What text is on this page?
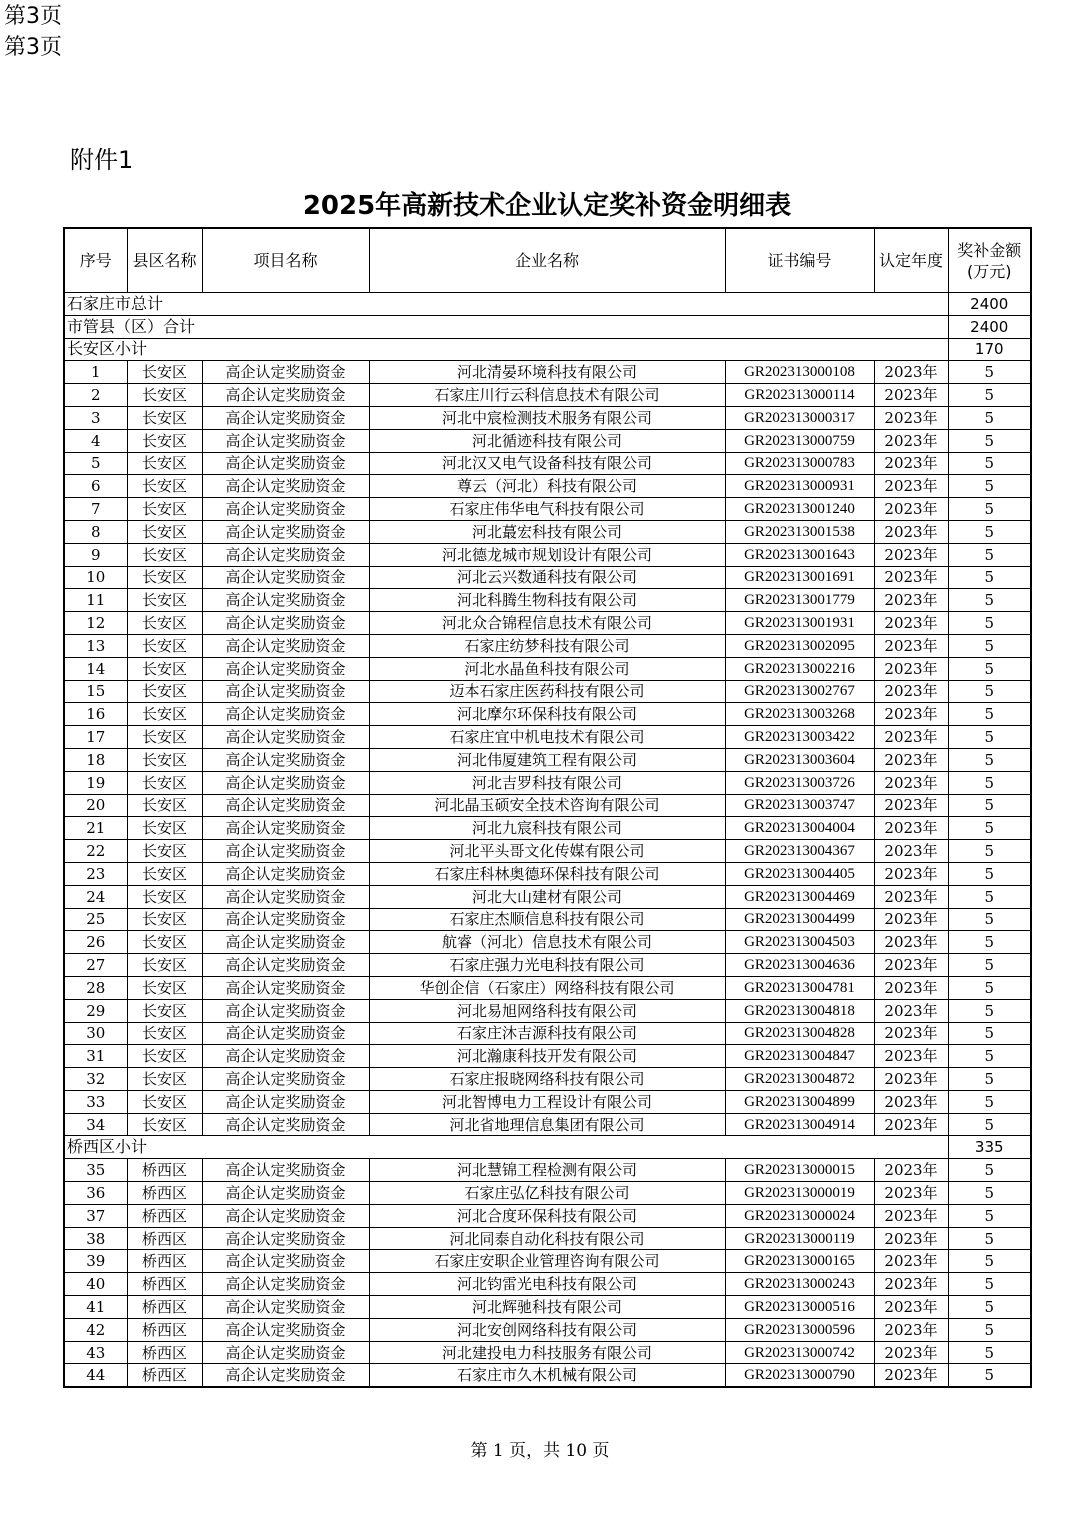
第3页
第3页
附件1
2025年高新技术企业认定奖补资金明细表
序号	县区名称	项目名称	企业名称	证书编号	认定年度	奖补金额
(万元)

石家庄市总计						2400
市管县（区）合计						2400
长安区小计						170
1	长安区	高企认定奖励资金	河北清晏环境科技有限公司	GR202313000108	2023年	5
2	长安区	高企认定奖励资金	石家庄川行云科信息技术有限公司	GR202313000114	2023年	5
3	长安区	高企认定奖励资金	河北中宸检测技术服务有限公司	GR202313000317	2023年	5
4	长安区	高企认定奖励资金	河北循迹科技有限公司	GR202313000759	2023年	5
5	长安区	高企认定奖励资金	河北汉又电气设备科技有限公司	GR202313000783	2023年	5
6	长安区	高企认定奖励资金	尊云（河北）科技有限公司	GR202313000931	2023年	5
7	长安区	高企认定奖励资金	石家庄伟华电气科技有限公司	GR202313001240	2023年	5
8	长安区	高企认定奖励资金	河北蕞宏科技有限公司	GR202313001538	2023年	5
9	长安区	高企认定奖励资金	河北德龙城市规划设计有限公司	GR202313001643	2023年	5
10	长安区	高企认定奖励资金	河北云兴数通科技有限公司	GR202313001691	2023年	5
11	长安区	高企认定奖励资金	河北科腾生物科技有限公司	GR202313001779	2023年	5
12	长安区	高企认定奖励资金	河北众合锦程信息技术有限公司	GR202313001931	2023年	5
13	长安区	高企认定奖励资金	石家庄纺梦科技有限公司	GR202313002095	2023年	5
14	长安区	高企认定奖励资金	河北水晶鱼科技有限公司	GR202313002216	2023年	5
15	长安区	高企认定奖励资金	迈本石家庄医药科技有限公司	GR202313002767	2023年	5
16	长安区	高企认定奖励资金	河北摩尔环保科技有限公司	GR202313003268	2023年	5
17	长安区	高企认定奖励资金	石家庄宜中机电技术有限公司	GR202313003422	2023年	5
18	长安区	高企认定奖励资金	河北伟厦建筑工程有限公司	GR202313003604	2023年	5
19	长安区	高企认定奖励资金	河北吉罗科技有限公司	GR202313003726	2023年	5
20	长安区	高企认定奖励资金	河北晶玉硕安全技术咨询有限公司	GR202313003747	2023年	5
21	长安区	高企认定奖励资金	河北九宸科技有限公司	GR202313004004	2023年	5
22	长安区	高企认定奖励资金	河北平头哥文化传媒有限公司	GR202313004367	2023年	5
23	长安区	高企认定奖励资金	石家庄科林奥德环保科技有限公司	GR202313004405	2023年	5
24	长安区	高企认定奖励资金	河北大山建材有限公司	GR202313004469	2023年	5
25	长安区	高企认定奖励资金	石家庄杰顺信息科技有限公司	GR202313004499	2023年	5
26	长安区	高企认定奖励资金	航睿（河北）信息技术有限公司	GR202313004503	2023年	5
27	长安区	高企认定奖励资金	石家庄强力光电科技有限公司	GR202313004636	2023年	5
28	长安区	高企认定奖励资金	华创企信（石家庄）网络科技有限公司	GR202313004781	2023年	5
29	长安区	高企认定奖励资金	河北易旭网络科技有限公司	GR202313004818	2023年	5
30	长安区	高企认定奖励资金	石家庄沐吉源科技有限公司	GR202313004828	2023年	5
31	长安区	高企认定奖励资金	河北瀚康科技开发有限公司	GR202313004847	2023年	5
32	长安区	高企认定奖励资金	石家庄报晓网络科技有限公司	GR202313004872	2023年	5
33	长安区	高企认定奖励资金	河北智博电力工程设计有限公司	GR202313004899	2023年	5
34	长安区	高企认定奖励资金	河北省地理信息集团有限公司	GR202313004914	2023年	5
桥西区小计						335
35	桥西区	高企认定奖励资金	河北慧锦工程检测有限公司	GR202313000015	2023年	5
36	桥西区	高企认定奖励资金	石家庄弘亿科技有限公司	GR202313000019	2023年	5
37	桥西区	高企认定奖励资金	河北合度环保科技有限公司	GR202313000024	2023年	5
38	桥西区	高企认定奖励资金	河北同泰自动化科技有限公司	GR202313000119	2023年	5
39	桥西区	高企认定奖励资金	石家庄安职企业管理咨询有限公司	GR202313000165	2023年	5
40	桥西区	高企认定奖励资金	河北钧雷光电科技有限公司	GR202313000243	2023年	5
41	桥西区	高企认定奖励资金	河北辉驰科技有限公司	GR202313000516	2023年	5
42	桥西区	高企认定奖励资金	河北安创网络科技有限公司	GR202313000596	2023年	5
43	桥西区	高企认定奖励资金	河北建投电力科技服务有限公司	GR202313000742	2023年	5
44	桥西区	高企认定奖励资金	石家庄市久木机械有限公司	GR202313000790	2023年	5
第 1 页，共 10 页
